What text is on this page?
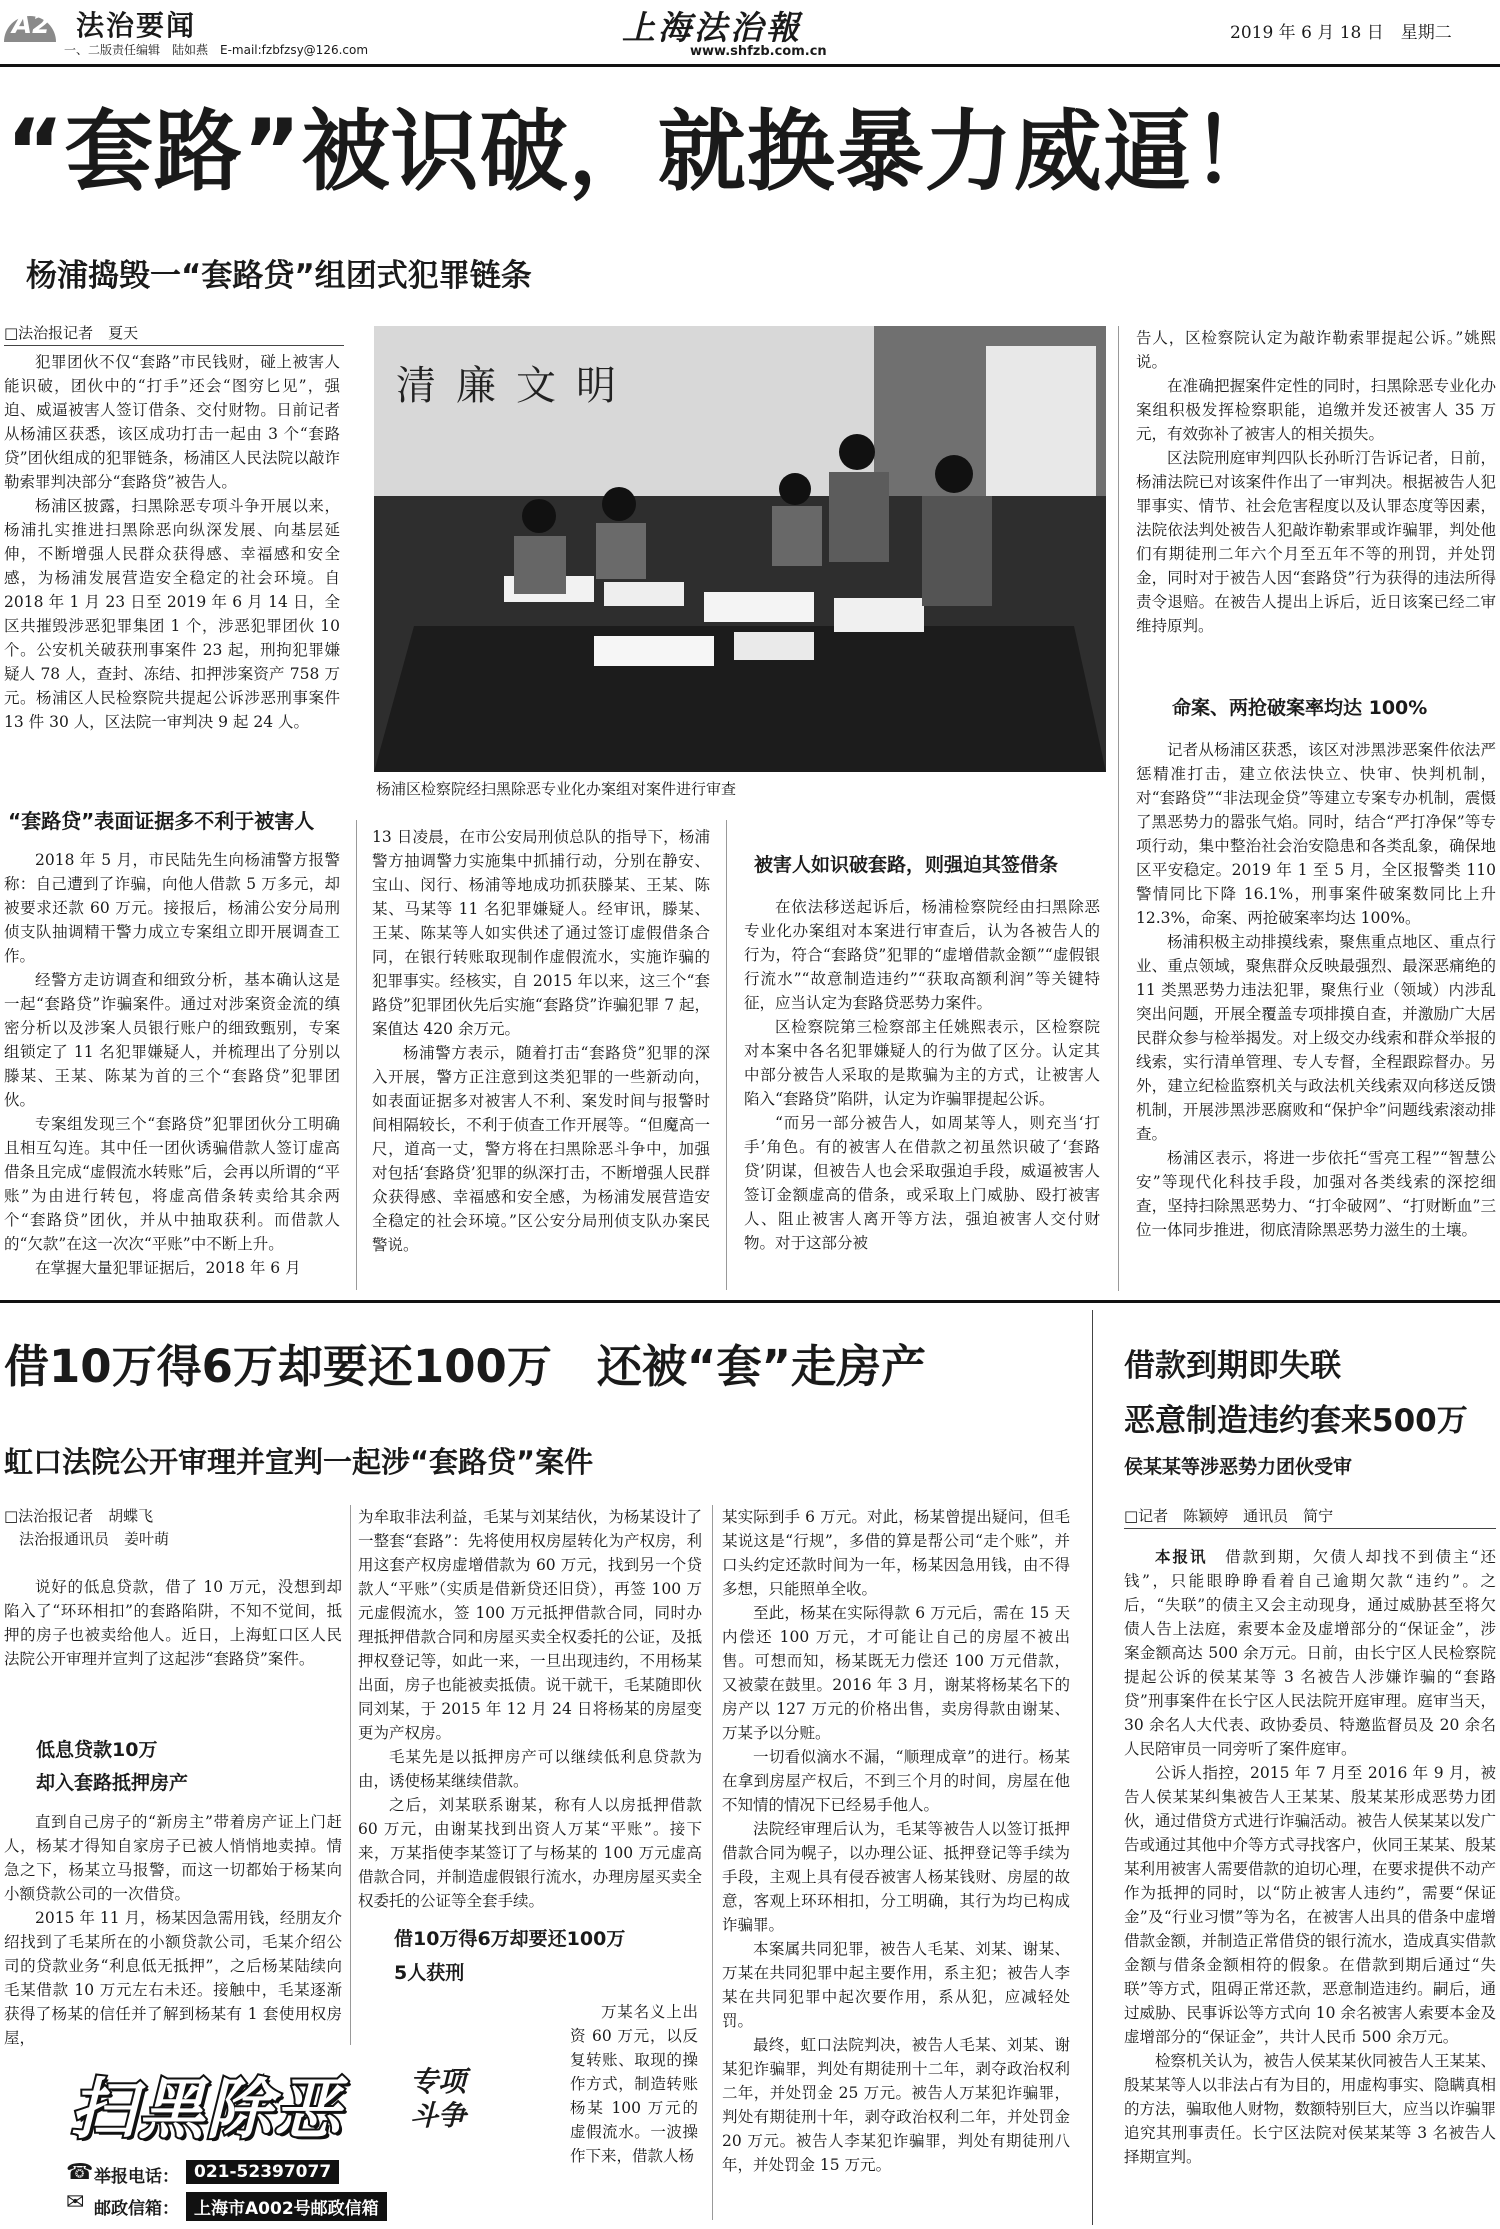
A2 法治要闻
一、二版责任编辑　陆如燕　E-mail:fzbfzsy@126.com
上海法治報
www.shfzb.com.cn
2019 年 6 月 18 日　星期二
“套路”被识破，就换暴力威逼！
杨浦捣毁一“套路贷”组团式犯罪链条
□法治报记者　夏天

犯罪团伙不仅“套路”市民钱财，碰上被害人能识破，团伙中的“打手”还会“图穷匕见”，强迫、威逼被害人签订借条、交付财物。日前记者从杨浦区获悉，该区成功打击一起由 3 个“套路贷”团伙组成的犯罪链条，杨浦区人民法院以敲诈勒索罪判决部分“套路贷”被告人。

杨浦区披露，扫黑除恶专项斗争开展以来，杨浦扎实推进扫黑除恶向纵深发展、向基层延伸，不断增强人民群众获得感、幸福感和安全感，为杨浦发展营造安全稳定的社会环境。自 2018 年 1 月 23 日至 2019 年 6 月 14 日，全区共摧毁涉恶犯罪集团 1 个，涉恶犯罪团伙 10 个。公安机关破获刑事案件 23 起，刑拘犯罪嫌疑人 78 人，查封、冻结、扣押涉案资产 758 万元。杨浦区人民检察院共提起公诉涉恶刑事案件 13 件 30 人，区法院一审判决 9 起 24 人。

清廉文明
杨浦区检察院经扫黑除恶专业化办案组对案件进行审查
“套路贷”表面证据多不利于被害人

2018 年 5 月，市民陆先生向杨浦警方报警称：自己遭到了诈骗，向他人借款 5 万多元，却被要求还款 60 万元。接报后，杨浦公安分局刑侦支队抽调精干警力成立专案组立即开展调查工作。

经警方走访调查和细致分析，基本确认这是一起“套路贷”诈骗案件。通过对涉案资金流的缜密分析以及涉案人员银行账户的细致甄别，专案组锁定了 11 名犯罪嫌疑人，并梳理出了分别以滕某、王某、陈某为首的三个“套路贷”犯罪团伙。

专案组发现三个“套路贷”犯罪团伙分工明确且相互勾连。其中任一团伙诱骗借款人签订虚高借条且完成“虚假流水转账”后，会再以所谓的“平账”为由进行转包，将虚高借条转卖给其余两个“套路贷”团伙，并从中抽取获利。而借款人的“欠款”在这一次次“平账”中不断上升。

在掌握大量犯罪证据后，2018 年 6 月

13 日凌晨，在市公安局刑侦总队的指导下，杨浦警方抽调警力实施集中抓捕行动，分别在静安、宝山、闵行、杨浦等地成功抓获滕某、王某、陈某、马某等 11 名犯罪嫌疑人。经审讯，滕某、王某、陈某等人如实供述了通过签订虚假借条合同，在银行转账取现制作虚假流水，实施诈骗的犯罪事实。经核实，自 2015 年以来，这三个“套路贷”犯罪团伙先后实施“套路贷”诈骗犯罪 7 起，案值达 420 余万元。

杨浦警方表示，随着打击“套路贷”犯罪的深入开展，警方正注意到这类犯罪的一些新动向，如表面证据多对被害人不利、案发时间与报警时间相隔较长，不利于侦查工作开展等。“但魔高一尺，道高一丈，警方将在扫黑除恶斗争中，加强对包括‘套路贷’犯罪的纵深打击，不断增强人民群众获得感、幸福感和安全感，为杨浦发展营造安全稳定的社会环境。”区公安分局刑侦支队办案民警说。

被害人如识破套路，则强迫其签借条

在依法移送起诉后，杨浦检察院经由扫黑除恶专业化办案组对本案进行审查后，认为各被告人的行为，符合“套路贷”犯罪的“虚增借款金额”“虚假银行流水”“故意制造违约”“获取高额利润”等关键特征，应当认定为套路贷恶势力案件。

区检察院第三检察部主任姚熙表示，区检察院对本案中各名犯罪嫌疑人的行为做了区分。认定其中部分被告人采取的是欺骗为主的方式，让被害人陷入“套路贷”陷阱，认定为诈骗罪提起公诉。

“而另一部分被告人，如周某等人，则充当‘打手’角色。有的被害人在借款之初虽然识破了‘套路贷’阴谋，但被告人也会采取强迫手段，威逼被害人签订金额虚高的借条，或采取上门威胁、殴打被害人、阻止被害人离开等方法，强迫被害人交付财物。对于这部分被

告人，区检察院认定为敲诈勒索罪提起公诉。”姚熙说。

在准确把握案件定性的同时，扫黑除恶专业化办案组积极发挥检察职能，追缴并发还被害人 35 万元，有效弥补了被害人的相关损失。

区法院刑庭审判四队长孙昕汀告诉记者，日前，杨浦法院已对该案件作出了一审判决。根据被告人犯罪事实、情节、社会危害程度以及认罪态度等因素，法院依法判处被告人犯敲诈勒索罪或诈骗罪，判处他们有期徒刑二年六个月至五年不等的刑罚，并处罚金，同时对于被告人因“套路贷”行为获得的违法所得责令退赔。在被告人提出上诉后，近日该案已经二审维持原判。

命案、两抢破案率均达 100%

记者从杨浦区获悉，该区对涉黑涉恶案件依法严惩精准打击，建立依法快立、快审、快判机制，对“套路贷”“非法现金贷”等建立专案专办机制，震慑了黑恶势力的嚣张气焰。同时，结合“严打净保”等专项行动，集中整治社会治安隐患和各类乱象，确保地区平安稳定。2019 年 1 至 5 月，全区报警类 110 警情同比下降 16.1%，刑事案件破案数同比上升 12.3%，命案、两抢破案率均达 100%。

杨浦积极主动排摸线索，聚焦重点地区、重点行业、重点领域，聚焦群众反映最强烈、最深恶痛绝的 11 类黑恶势力违法犯罪，聚焦行业（领域）内涉乱突出问题，开展全覆盖专项排摸自查，并激励广大居民群众参与检举揭发。对上级交办线索和群众举报的线索，实行清单管理、专人专督，全程跟踪督办。另外，建立纪检监察机关与政法机关线索双向移送反馈机制，开展涉黑涉恶腐败和“保护伞”问题线索滚动排查。

杨浦区表示，将进一步依托“雪亮工程”“智慧公安”等现代化科技手段，加强对各类线索的深挖细查，坚持扫除黑恶势力、“打伞破网”、“打财断血”三位一体同步推进，彻底清除黑恶势力滋生的土壤。

借10万得6万却要还100万　还被“套”走房产
虹口法院公开审理并宣判一起涉“套路贷”案件
□法治报记者　胡蝶飞
　法治报通讯员　姜叶萌

说好的低息贷款，借了 10 万元，没想到却陷入了“环环相扣”的套路陷阱，不知不觉间，抵押的房子也被卖给他人。近日，上海虹口区人民法院公开审理并宣判了这起涉“套路贷”案件。

低息贷款10万
却入套路抵押房产

直到自己房子的“新房主”带着房产证上门赶人，杨某才得知自家房子已被人悄悄地卖掉。情急之下，杨某立马报警，而这一切都始于杨某向小额贷款公司的一次借贷。

2015 年 11 月，杨某因急需用钱，经朋友介绍找到了毛某所在的小额贷款公司，毛某介绍公司的贷款业务“利息低无抵押”，之后杨某陆续向毛某借款 10 万元左右未还。接触中，毛某逐渐获得了杨某的信任并了解到杨某有 1 套使用权房屋，

为牟取非法利益，毛某与刘某结伙，为杨某设计了一整套“套路”：先将使用权房屋转化为产权房，利用这套产权房虚增借款为 60 万元，找到另一个贷款人“平账”（实质是借新贷还旧贷），再签 100 万元虚假流水，签 100 万元抵押借款合同，同时办理抵押借款合同和房屋买卖全权委托的公证，及抵押权登记等，如此一来，一旦出现违约，不用杨某出面，房子也能被卖抵债。说干就干，毛某随即伙同刘某，于 2015 年 12 月 24 日将杨某的房屋变更为产权房。

毛某先是以抵押房产可以继续低利息贷款为由，诱使杨某继续借款。

之后，刘某联系谢某，称有人以房抵押借款 60 万元，由谢某找到出资人万某“平账”。接下来，万某指使李某签订了与杨某的 100 万元虚高借款合同，并制造虚假银行流水，办理房屋买卖全权委托的公证等全套手续。

借10万得6万却要还100万
5人获刑

万某名义上出资 60 万元，以反复转账、取现的操作方式，制造转账杨某 100 万元的虚假流水。一波操作下来，借款人杨

扫黑除恶 专项
斗争
☎ 举报电话： 021-52397077
✉ 邮政信箱： 上海市A002号邮政信箱

某实际到手 6 万元。对此，杨某曾提出疑问，但毛某说这是“行规”，多借的算是帮公司“走个账”，并口头约定还款时间为一年，杨某因急用钱，由不得多想，只能照单全收。

至此，杨某在实际得款 6 万元后，需在 15 天内偿还 100 万元，才可能让自己的房屋不被出售。可想而知，杨某既无力偿还 100 万元借款，又被蒙在鼓里。2016 年 3 月，谢某将杨某名下的房产以 127 万元的价格出售，卖房得款由谢某、万某予以分赃。

一切看似滴水不漏，“顺理成章”的进行。杨某在拿到房屋产权后，不到三个月的时间，房屋在他不知情的情况下已经易手他人。

法院经审理后认为，毛某等被告人以签订抵押借款合同为幌子，以办理公证、抵押登记等手续为手段，主观上具有侵吞被害人杨某钱财、房屋的故意，客观上环环相扣，分工明确，其行为均已构成诈骗罪。

本案属共同犯罪，被告人毛某、刘某、谢某、万某在共同犯罪中起主要作用，系主犯；被告人李某在共同犯罪中起次要作用，系从犯，应减轻处罚。

最终，虹口法院判决，被告人毛某、刘某、谢某犯诈骗罪，判处有期徒刑十二年，剥夺政治权利二年，并处罚金 25 万元。被告人万某犯诈骗罪，判处有期徒刑十年，剥夺政治权利二年，并处罚金 20 万元。被告人李某犯诈骗罪，判处有期徒刑八年，并处罚金 15 万元。

借款到期即失联
恶意制造违约套来500万
侯某某等涉恶势力团伙受审
□记者　陈颖婷　通讯员　简宁

本报讯　 借款到期，欠债人却找不到债主“还钱”，只能眼睁睁看着自己逾期欠款“违约”。之后，“失联”的债主又会主动现身，通过威胁甚至将欠债人告上法庭，索要本金及虚增部分的“保证金”，涉案金额高达 500 余万元。日前，由长宁区人民检察院提起公诉的侯某某等 3 名被告人涉嫌诈骗的“套路贷”刑事案件在长宁区人民法院开庭审理。庭审当天，30 余名人大代表、政协委员、特邀监督员及 20 余名人民陪审员一同旁听了案件庭审。

公诉人指控，2015 年 7 月至 2016 年 9 月，被告人侯某某纠集被告人王某某、殷某某形成恶势力团伙，通过借贷方式进行诈骗活动。被告人侯某某以发广告或通过其他中介等方式寻找客户，伙同王某某、殷某某利用被害人需要借款的迫切心理，在要求提供不动产作为抵押的同时，以“防止被害人违约”，需要“保证金”及“行业习惯”等为名，在被害人出具的借条中虚增借款金额，并制造正常借贷的银行流水，造成真实借款金额与借条金额相符的假象。在借款到期后通过“失联”等方式，阻碍正常还款，恶意制造违约。嗣后，通过威胁、民事诉讼等方式向 10 余名被害人索要本金及虚增部分的“保证金”，共计人民币 500 余万元。

检察机关认为，被告人侯某某伙同被告人王某某、殷某某等人以非法占有为目的，用虚构事实、隐瞒真相的方法，骗取他人财物，数额特别巨大，应当以诈骗罪追究其刑事责任。长宁区法院对侯某某等 3 名被告人择期宣判。
